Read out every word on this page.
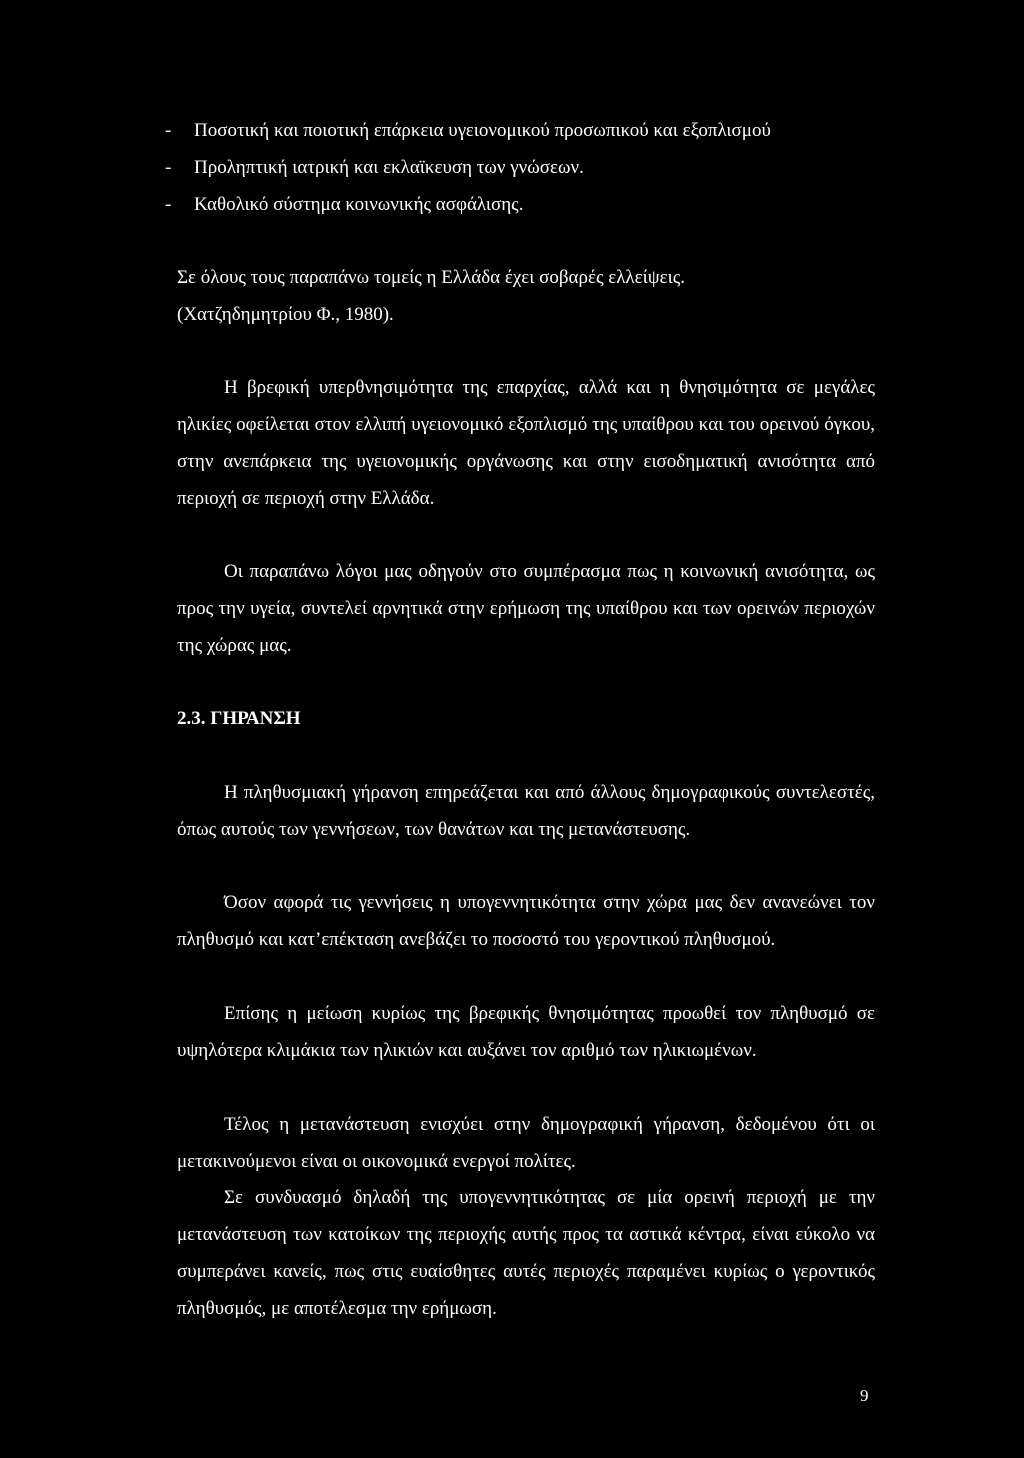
- Ποσοτική και ποιοτική επάρκεια υγειονομικού προσωπικού και εξοπλισμού
- Προληπτική ιατρική και εκλαϊκευση των γνώσεων.
- Καθολικό σύστημα κοινωνικής ασφάλισης.
Σε όλους τους παραπάνω τομείς η Ελλάδα έχει σοβαρές ελλείψεις.
(Χατζηδημητρίου Φ., 1980).

Η βρεφική υπερθνησιμότητα της επαρχίας, αλλά και η θνησιμότητα σε μεγάλες ηλικίες οφείλεται στον ελλιπή υγειονομικό εξοπλισμό της υπαίθρου και του ορεινού όγκου, στην ανεπάρκεια της υγειονομικής οργάνωσης και στην εισοδηματική ανισότητα από περιοχή σε περιοχή στην Ελλάδα.

Οι παραπάνω λόγοι μας οδηγούν στο συμπέρασμα πως η κοινωνική ανισότητα, ως προς την υγεία, συντελεί αρνητικά στην ερήμωση της υπαίθρου και των ορεινών περιοχών της χώρας μας.

2.3. ΓΗΡΑΝΣΗ

Η πληθυσμιακή γήρανση επηρεάζεται και από άλλους δημογραφικούς συντελεστές, όπως αυτούς των γεννήσεων, των θανάτων και της μετανάστευσης.

Όσον αφορά τις γεννήσεις η υπογεννητικότητα στην χώρα μας δεν ανανεώνει τον πληθυσμό και κατ’επέκταση ανεβάζει το ποσοστό του γεροντικού πληθυσμού.

Επίσης η μείωση κυρίως της βρεφικής θνησιμότητας προωθεί τον πληθυσμό σε υψηλότερα κλιμάκια των ηλικιών και αυξάνει τον αριθμό των ηλικιωμένων.

Τέλος η μετανάστευση ενισχύει στην δημογραφική γήρανση, δεδομένου ότι οι μετακινούμενοι είναι οι οικονομικά ενεργοί πολίτες.

Σε συνδυασμό δηλαδή της υπογεννητικότητας σε μία ορεινή περιοχή με την μετανάστευση των κατοίκων της περιοχής αυτής προς τα αστικά κέντρα, είναι εύκολο να συμπεράνει κανείς, πως στις ευαίσθητες αυτές περιοχές παραμένει κυρίως ο γεροντικός πληθυσμός, με αποτέλεσμα την ερήμωση.

9
